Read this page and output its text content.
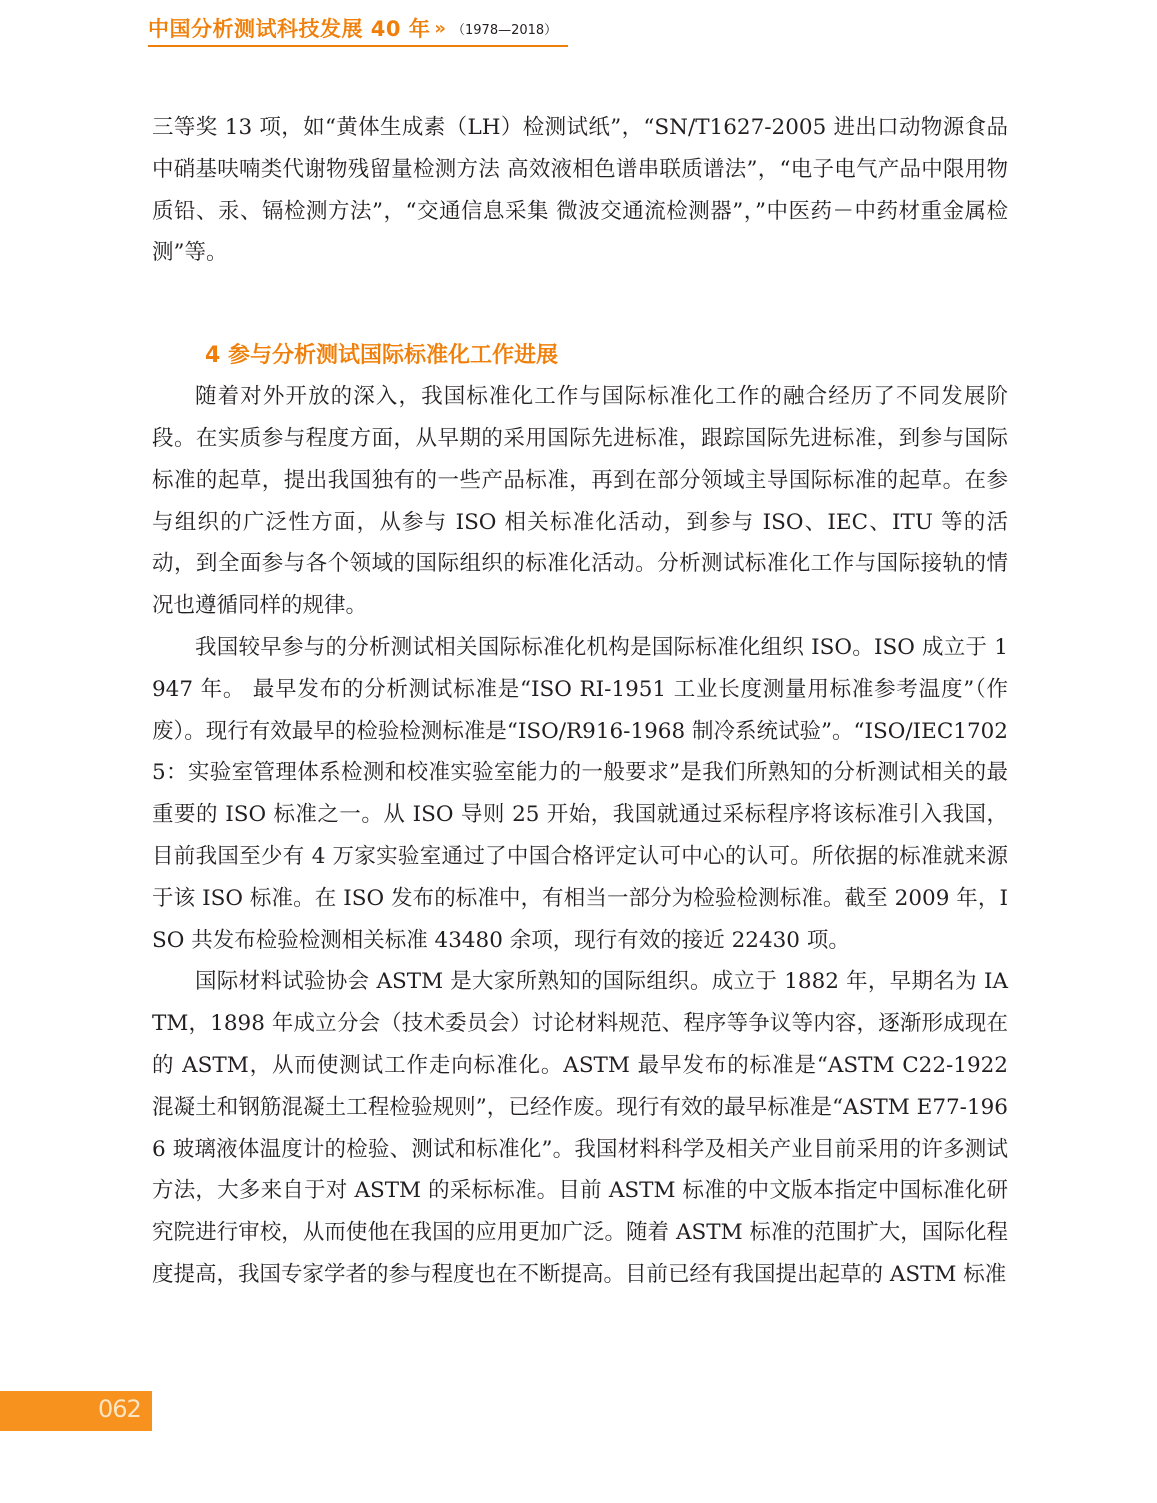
中国分析测试科技发展 40 年 » （1978—2018）

三等奖 13 项，如“黄体生成素（LH）检测试纸”，“SN/T1627-2005 进出口动物源食品中硝基呋喃类代谢物残留量检测方法 高效液相色谱串联质谱法”，“电子电气产品中限用物质铅、汞、镉检测方法”，“交通信息采集 微波交通流检测器”，”中医药－中药材重金属检测”等。

4 参与分析测试国际标准化工作进展

随着对外开放的深入，我国标准化工作与国际标准化工作的融合经历了不同发展阶段。在实质参与程度方面，从早期的采用国际先进标准，跟踪国际先进标准，到参与国际标准的起草，提出我国独有的一些产品标准，再到在部分领域主导国际标准的起草。在参与组织的广泛性方面，从参与 ISO 相关标准化活动，到参与 ISO、IEC、ITU 等的活动，到全面参与各个领域的国际组织的标准化活动。分析测试标准化工作与国际接轨的情况也遵循同样的规律。

我国较早参与的分析测试相关国际标准化机构是国际标准化组织 ISO。ISO 成立于 1947 年。 最早发布的分析测试标准是“ISO RI-1951 工业长度测量用标准参考温度”（作废）。现行有效最早的检验检测标准是“ISO/R916-1968 制冷系统试验”。“ISO/IEC17025：实验室管理体系检测和校准实验室能力的一般要求”是我们所熟知的分析测试相关的最重要的 ISO 标准之一。从 ISO 导则 25 开始，我国就通过采标程序将该标准引入我国，目前我国至少有 4 万家实验室通过了中国合格评定认可中心的认可。所依据的标准就来源于该 ISO 标准。在 ISO 发布的标准中，有相当一部分为检验检测标准。截至 2009 年，ISO 共发布检验检测相关标准 43480 余项，现行有效的接近 22430 项。

国际材料试验协会 ASTM 是大家所熟知的国际组织。成立于 1882 年，早期名为 IATM，1898 年成立分会（技术委员会）讨论材料规范、程序等争议等内容，逐渐形成现在的 ASTM，从而使测试工作走向标准化。ASTM 最早发布的标准是“ASTM C22-1922 混凝土和钢筋混凝土工程检验规则”，已经作废。现行有效的最早标准是“ASTM E77-1966 玻璃液体温度计的检验、测试和标准化”。我国材料科学及相关产业目前采用的许多测试方法，大多来自于对 ASTM 的采标标准。目前 ASTM 标准的中文版本指定中国标准化研究院进行审校，从而使他在我国的应用更加广泛。随着 ASTM 标准的范围扩大，国际化程度提高，我国专家学者的参与程度也在不断提高。目前已经有我国提出起草的 ASTM 标准

062
